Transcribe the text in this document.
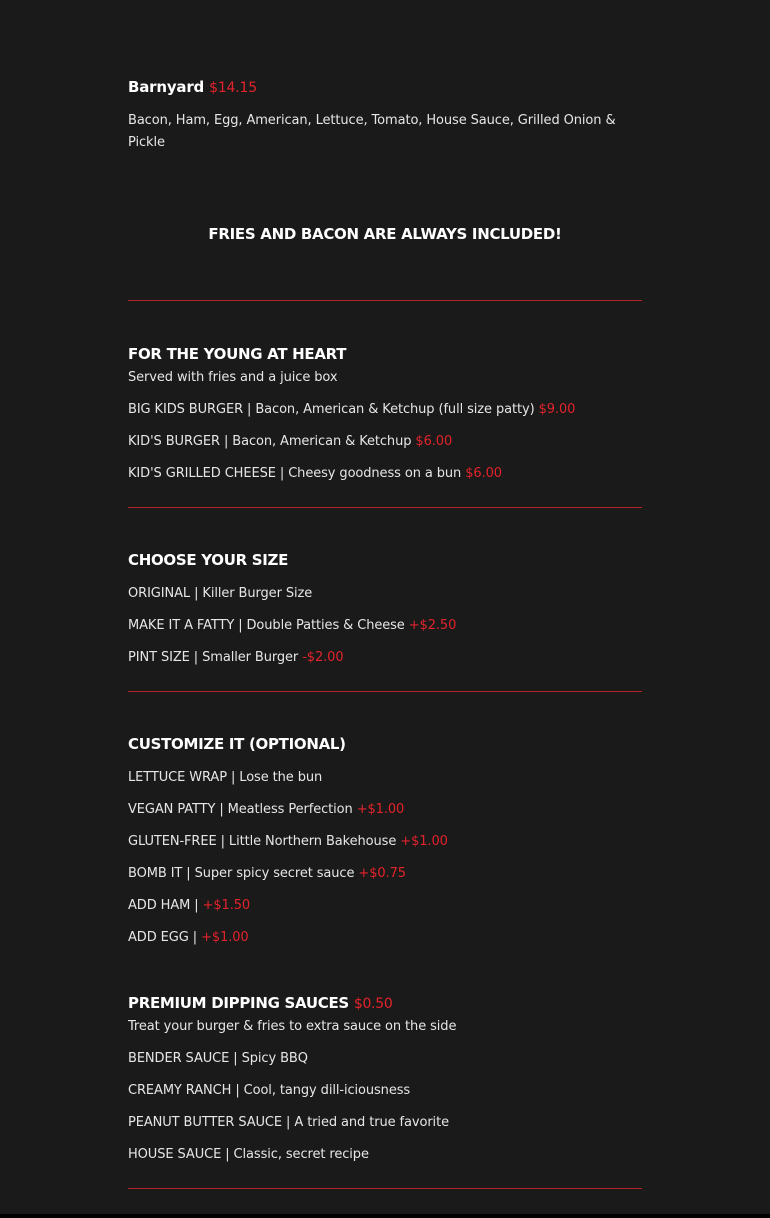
Barnyard $14.15
Bacon, Ham, Egg, American, Lettuce, Tomato, House Sauce, Grilled Onion & Pickle
FRIES AND BACON ARE ALWAYS INCLUDED!
FOR THE YOUNG AT HEART
Served with fries and a juice box
BIG KIDS BURGER | Bacon, American & Ketchup (full size patty) $9.00
KID'S BURGER | Bacon, American & Ketchup $6.00
KID'S GRILLED CHEESE | Cheesy goodness on a bun $6.00
CHOOSE YOUR SIZE
ORIGINAL | Killer Burger Size
MAKE IT A FATTY | Double Patties & Cheese +$2.50
PINT SIZE | Smaller Burger -$2.00
CUSTOMIZE IT (OPTIONAL)
LETTUCE WRAP | Lose the bun
VEGAN PATTY | Meatless Perfection +$1.00
GLUTEN-FREE | Little Northern Bakehouse +$1.00
BOMB IT | Super spicy secret sauce +$0.75
ADD HAM | +$1.50
ADD EGG | +$1.00
PREMIUM DIPPING SAUCES $0.50
Treat your burger & fries to extra sauce on the side
BENDER SAUCE | Spicy BBQ
CREAMY RANCH | Cool, tangy dill-iciousness
PEANUT BUTTER SAUCE | A tried and true favorite
HOUSE SAUCE | Classic, secret recipe
